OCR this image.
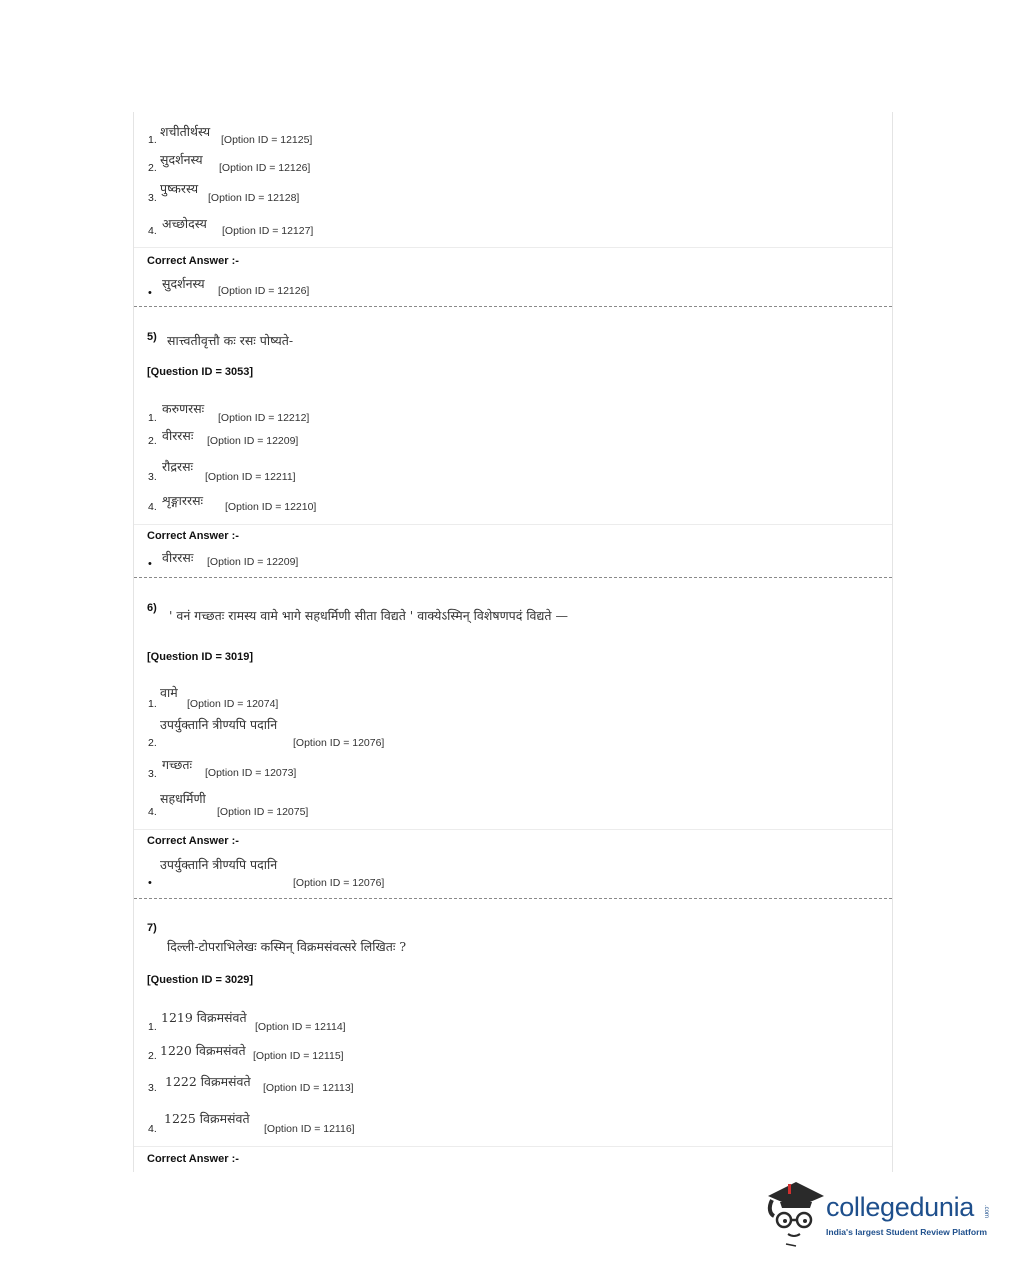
शचीतीर्थस्य
1.	[Option ID = 12125]
सुदर्शनस्य
2.	[Option ID = 12126]
पुष्करस्य
3.	[Option ID = 12128]
अच्छोदस्य
4.	[Option ID = 12127]
Correct Answer :-
सुदर्शनस्य
•	[Option ID = 12126]
5) सात्त्वतीवृत्तौ कः रसः पोष्यते-
[Question ID = 3053]
करुणरसः
1.	[Option ID = 12212]
वीररसः
2.	[Option ID = 12209]
रौद्ररसः
3.	[Option ID = 12211]
शृङ्गाररसः
4.	[Option ID = 12210]
Correct Answer :-
वीररसः
•	[Option ID = 12209]
6) ' वनं गच्छतः रामस्य वामे भागे सहधर्मिणी सीता विद्यते ' वाक्येऽस्मिन् विशेषणपदं विद्यते —
[Question ID = 3019]
वामे
1.	[Option ID = 12074]
उपर्युक्तानि त्रीण्यपि पदानि
2.	[Option ID = 12076]
गच्छतः
3.	[Option ID = 12073]
सहधर्मिणी
4.	[Option ID = 12075]
Correct Answer :-
उपर्युक्तानि त्रीण्यपि पदानि
•	[Option ID = 12076]
7)
दिल्ली-टोपराभिलेखः कस्मिन् विक्रमसंवत्सरे लिखितः ?
[Question ID = 3029]
1219 विक्रमसंवते
1.	[Option ID = 12114]
1220 विक्रमसंवते
2.	[Option ID = 12115]
1222 विक्रमसंवते
3.	[Option ID = 12113]
1225 विक्रमसंवते
4.	[Option ID = 12116]
Correct Answer :-
collegedunia .com
India's largest Student Review Platform
